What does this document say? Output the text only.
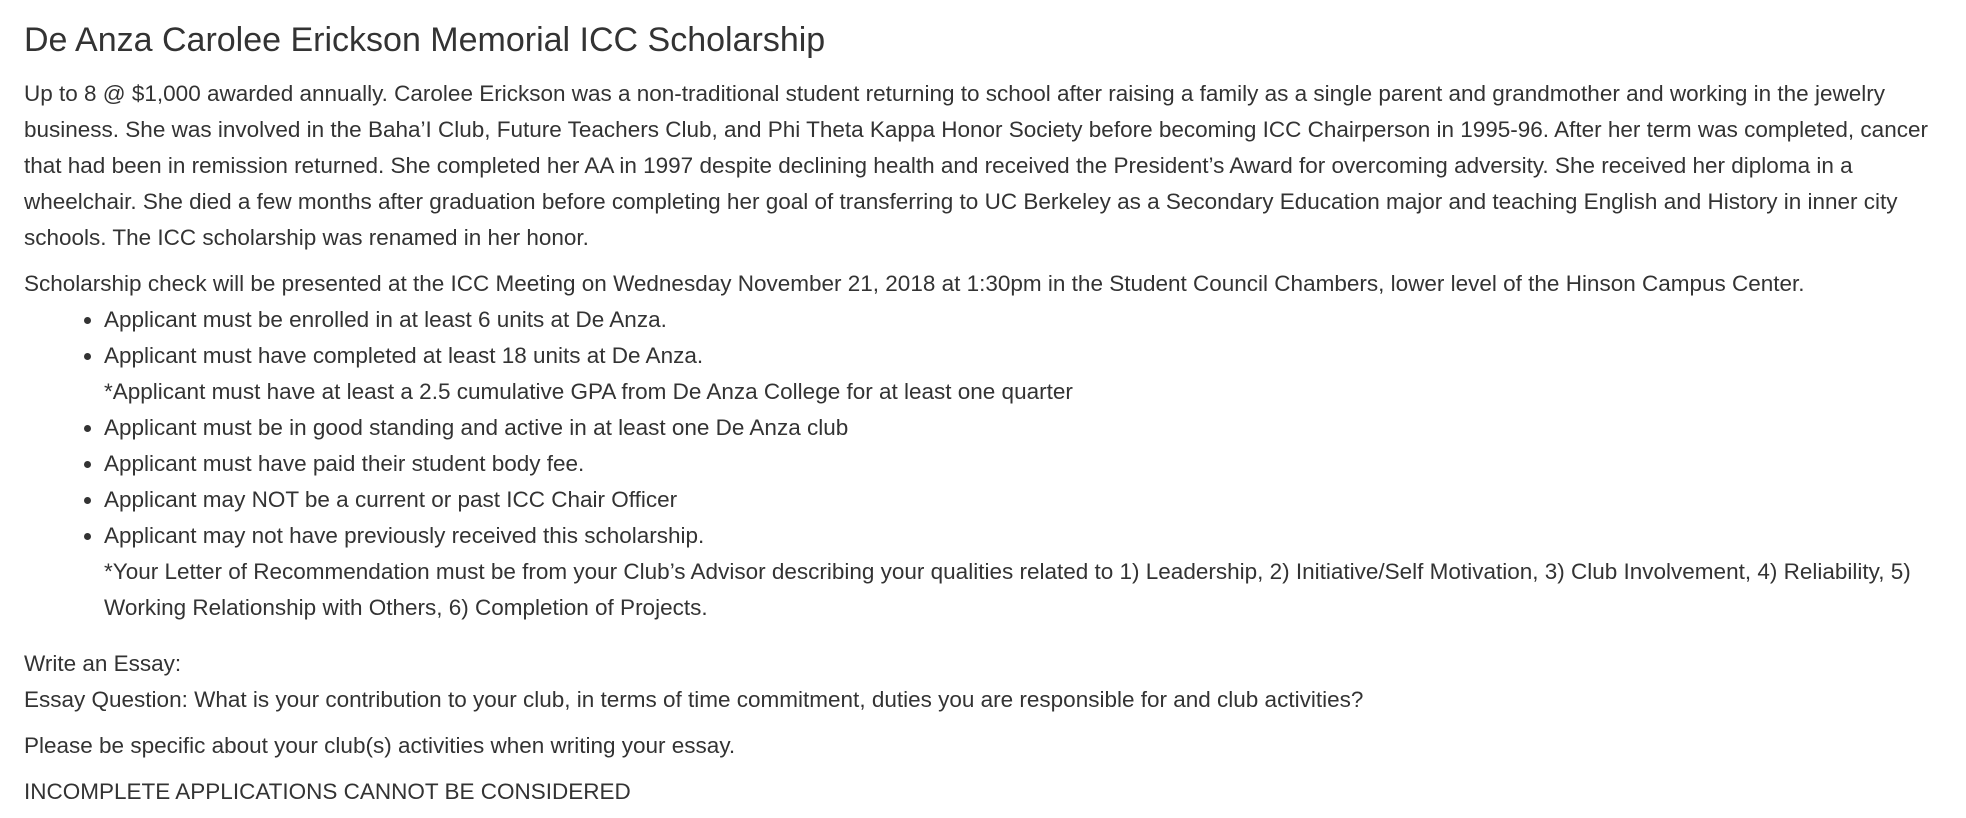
De Anza Carolee Erickson Memorial ICC Scholarship

Up to 8 @ $1,000 awarded annually. Carolee Erickson was a non-traditional student returning to school after raising a family as a single parent and grandmother and working in the jewelry business. She was involved in the Baha’I Club, Future Teachers Club, and Phi Theta Kappa Honor Society before becoming ICC Chairperson in 1995-96. After her term was completed, cancer that had been in remission returned. She completed her AA in 1997 despite declining health and received the President’s Award for overcoming adversity. She received her diploma in a wheelchair. She died a few months after graduation before completing her goal of transferring to UC Berkeley as a Secondary Education major and teaching English and History in inner city schools. The ICC scholarship was renamed in her honor.

Scholarship check will be presented at the ICC Meeting on Wednesday November 21, 2018 at 1:30pm in the Student Council Chambers, lower level of the Hinson Campus Center.

• Applicant must be enrolled in at least 6 units at De Anza.
• Applicant must have completed at least 18 units at De Anza.
*Applicant must have at least a 2.5 cumulative GPA from De Anza College for at least one quarter
• Applicant must be in good standing and active in at least one De Anza club
• Applicant must have paid their student body fee.
• Applicant may NOT be a current or past ICC Chair Officer
• Applicant may not have previously received this scholarship.
*Your Letter of Recommendation must be from your Club’s Advisor describing your qualities related to 1) Leadership, 2) Initiative/Self Motivation, 3) Club Involvement, 4) Reliability, 5) Working Relationship with Others, 6) Completion of Projects.

Write an Essay:
Essay Question: What is your contribution to your club, in terms of time commitment, duties you are responsible for and club activities?

Please be specific about your club(s) activities when writing your essay.

INCOMPLETE APPLICATIONS CANNOT BE CONSIDERED
